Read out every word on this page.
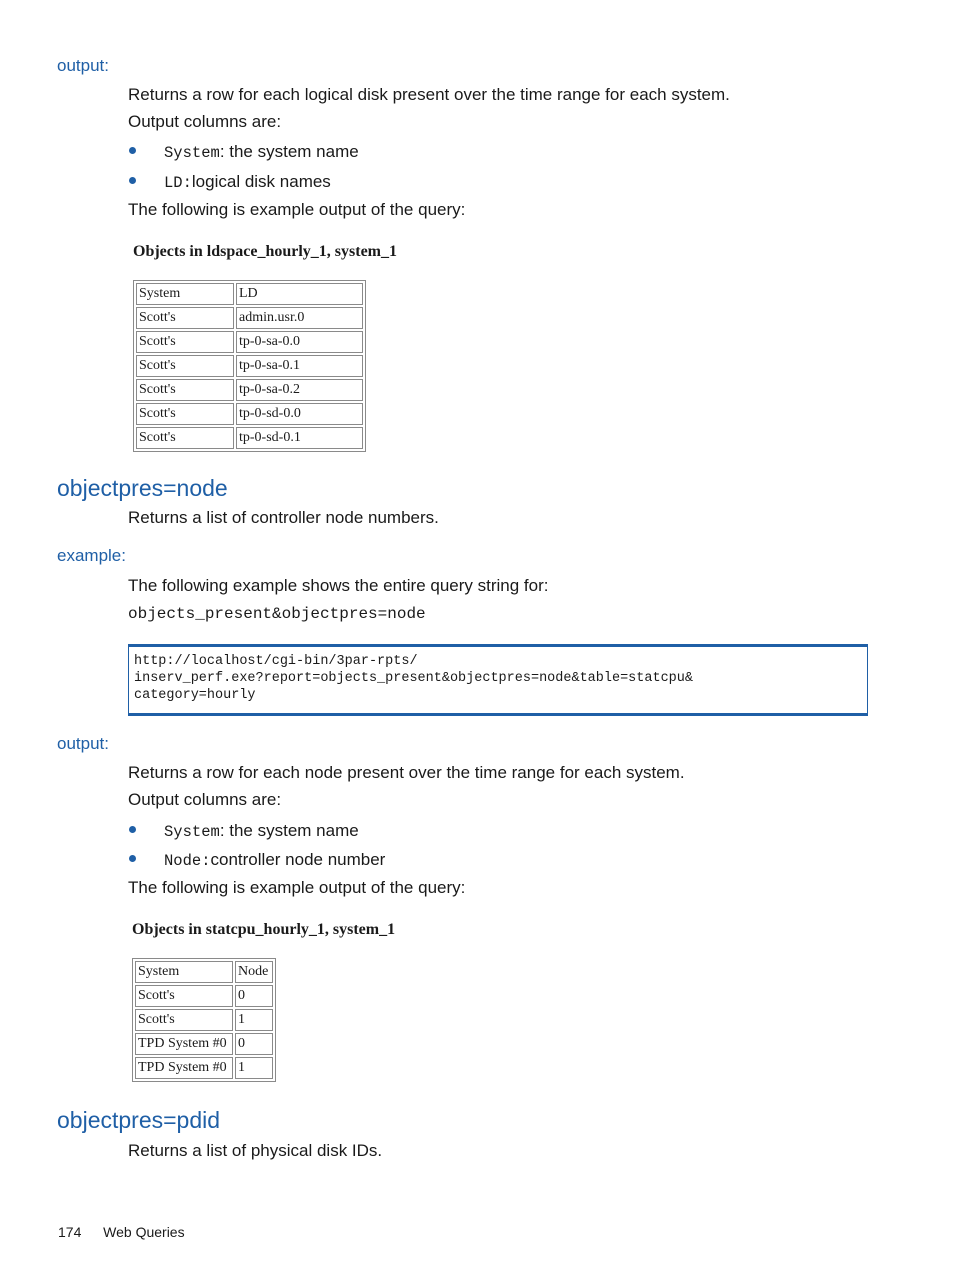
output:
Returns a row for each logical disk present over the time range for each system.
Output columns are:
System : the system name
LD: logical disk names
The following is example output of the query:
Objects in ldspace_hourly_1, system_1
System	LD
Scott's	admin.usr.0
Scott's	tp-0-sa-0.0
Scott's	tp-0-sa-0.1
Scott's	tp-0-sa-0.2
Scott's	tp-0-sd-0.0
Scott's	tp-0-sd-0.1
objectpres=node
Returns a list of controller node numbers.
example:
The following example shows the entire query string for:
objects_present&objectpres=node
http://localhost/cgi-bin/3par-rpts/
inserv_perf.exe?report=objects_present&objectpres=node&table=statcpu&
category=hourly
output:
Returns a row for each node present over the time range for each system.
Output columns are:
System : the system name
Node: controller node number
The following is example output of the query:
Objects in statcpu_hourly_1, system_1
System	Node
Scott's	0
Scott's	1
TPD System #0	0
TPD System #0	1
objectpres=pdid
Returns a list of physical disk IDs.
174 Web Queries
